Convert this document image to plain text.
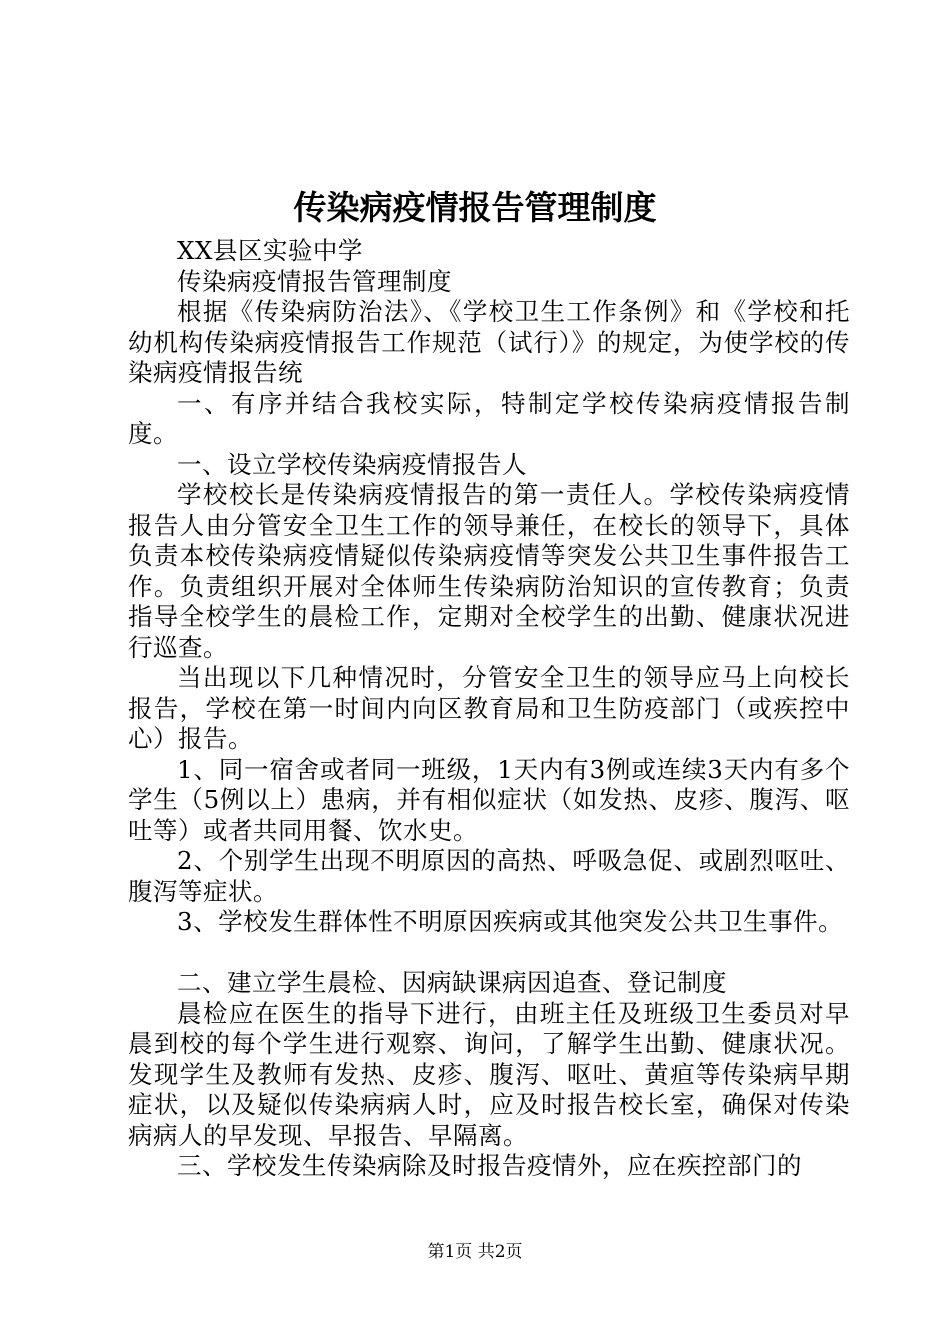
传染病疫情报告管理制度

XX县区实验中学

传染病疫情报告管理制度

根据《传染病防治法》、《学校卫生工作条例》和《学校和托幼机构传染病疫情报告工作规范（试行）》的规定，为使学校的传染病疫情报告统

一、有序并结合我校实际，特制定学校传染病疫情报告制度。

一、设立学校传染病疫情报告人

学校校长是传染病疫情报告的第一责任人。学校传染病疫情报告人由分管安全卫生工作的领导兼任，在校长的领导下，具体负责本校传染病疫情疑似传染病疫情等突发公共卫生事件报告工作。负责组织开展对全体师生传染病防治知识的宣传教育；负责指导全校学生的晨检工作，定期对全校学生的出勤、健康状况进行巡查。

当出现以下几种情况时，分管安全卫生的领导应马上向校长报告，学校在第一时间内向区教育局和卫生防疫部门（或疾控中心）报告。

1、同一宿舍或者同一班级，1天内有3例或连续3天内有多个学生（5例以上）患病，并有相似症状（如发热、皮疹、腹泻、呕吐等）或者共同用餐、饮水史。

2、个别学生出现不明原因的高热、呼吸急促、或剧烈呕吐、腹泻等症状。

3、学校发生群体性不明原因疾病或其他突发公共卫生事件。

二、建立学生晨检、因病缺课病因追查、登记制度

晨检应在医生的指导下进行，由班主任及班级卫生委员对早晨到校的每个学生进行观察、询问，了解学生出勤、健康状况。发现学生及教师有发热、皮疹、腹泻、呕吐、黄疸等传染病早期症状，以及疑似传染病病人时，应及时报告校长室，确保对传染病病人的早发现、早报告、早隔离。

三、学校发生传染病除及时报告疫情外，应在疾控部门的

第1页 共2页
